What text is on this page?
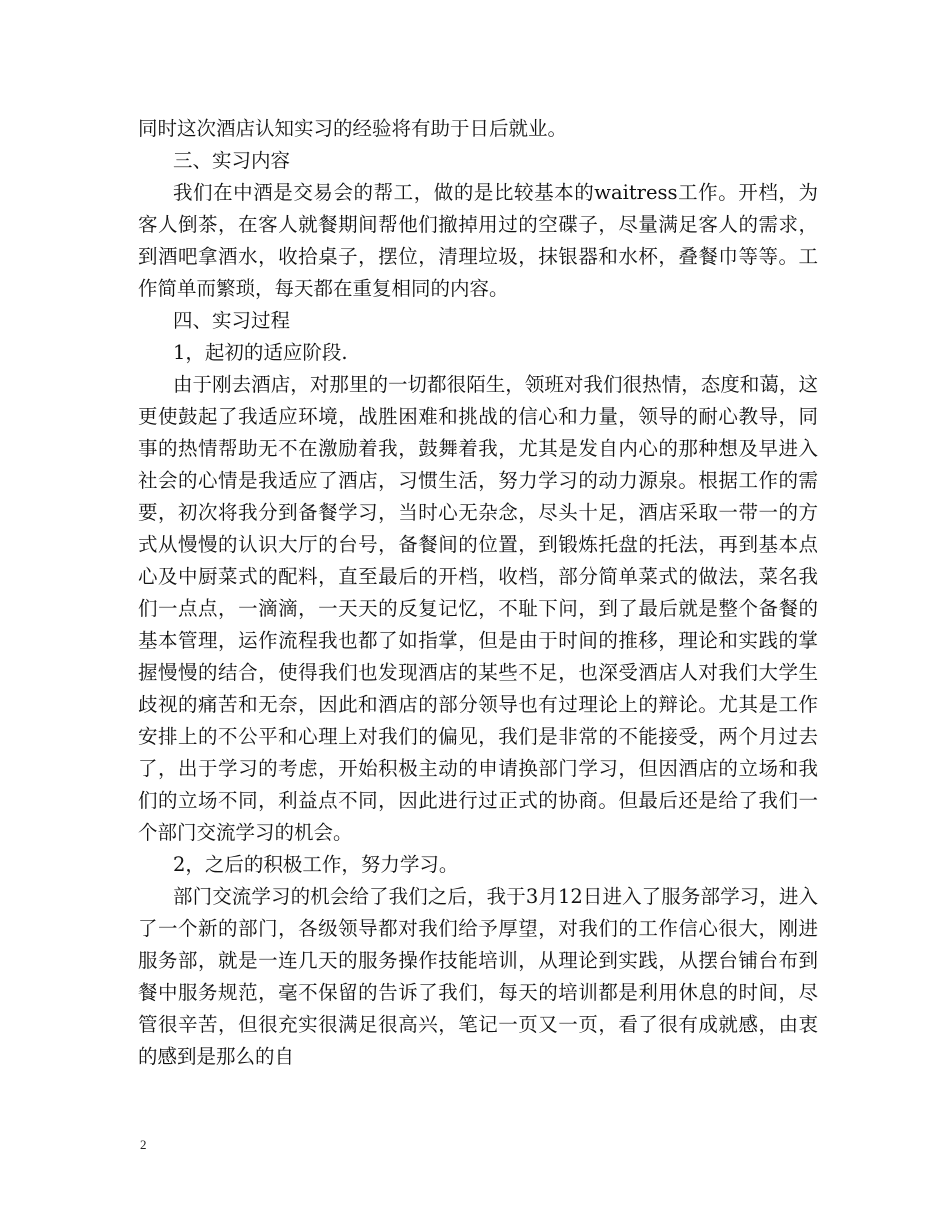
同时这次酒店认知实习的经验将有助于日后就业。

三、实习内容

我们在中酒是交易会的帮工，做的是比较基本的waitress工作。开档，为客人倒茶，在客人就餐期间帮他们撤掉用过的空碟子，尽量满足客人的需求，到酒吧拿酒水，收拾桌子，摆位，清理垃圾，抹银器和水杯，叠餐巾等等。工作简单而繁琐，每天都在重复相同的内容。

四、实习过程

1，起初的适应阶段.

由于刚去酒店，对那里的一切都很陌生，领班对我们很热情，态度和蔼，这更使鼓起了我适应环境，战胜困难和挑战的信心和力量，领导的耐心教导，同事的热情帮助无不在激励着我，鼓舞着我，尤其是发自内心的那种想及早进入社会的心情是我适应了酒店，习惯生活，努力学习的动力源泉。根据工作的需要，初次将我分到备餐学习，当时心无杂念，尽头十足，酒店采取一带一的方式从慢慢的认识大厅的台号，备餐间的位置，到锻炼托盘的托法，再到基本点心及中厨菜式的配料，直至最后的开档，收档，部分简单菜式的做法，菜名我们一点点，一滴滴，一天天的反复记忆，不耻下问，到了最后就是整个备餐的基本管理，运作流程我也都了如指掌，但是由于时间的推移，理论和实践的掌握慢慢的结合，使得我们也发现酒店的某些不足，也深受酒店人对我们大学生歧视的痛苦和无奈，因此和酒店的部分领导也有过理论上的辩论。尤其是工作安排上的不公平和心理上对我们的偏见，我们是非常的不能接受，两个月过去了，出于学习的考虑，开始积极主动的申请换部门学习，但因酒店的立场和我们的立场不同，利益点不同，因此进行过正式的协商。但最后还是给了我们一个部门交流学习的机会。

2，之后的积极工作，努力学习。

部门交流学习的机会给了我们之后，我于3月12日进入了服务部学习，进入了一个新的部门，各级领导都对我们给予厚望，对我们的工作信心很大，刚进服务部，就是一连几天的服务操作技能培训，从理论到实践，从摆台铺台布到餐中服务规范，毫不保留的告诉了我们，每天的培训都是利用休息的时间，尽管很辛苦，但很充实很满足很高兴，笔记一页又一页，看了很有成就感，由衷的感到是那么的自

2
